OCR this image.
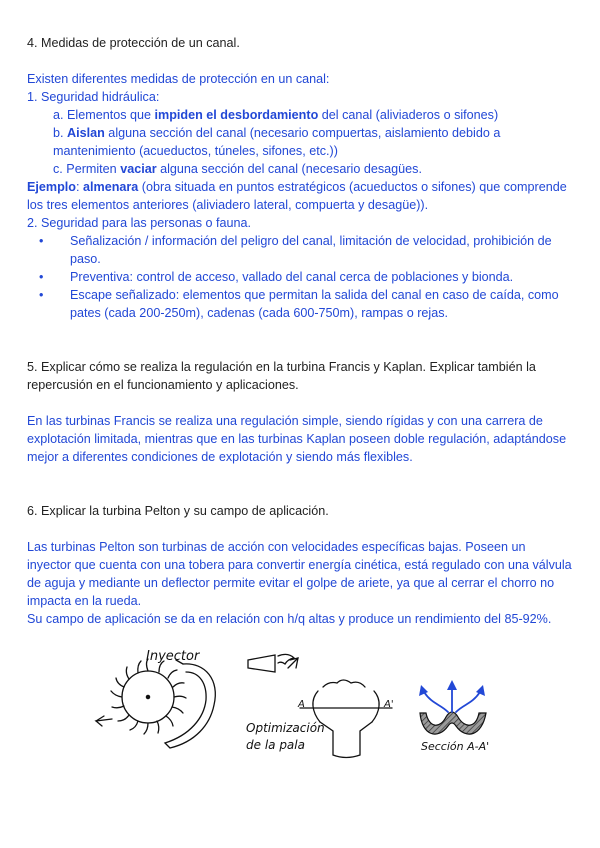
4. Medidas de protección de un canal.

Existen diferentes medidas de protección en un canal:

1. Seguridad hidráulica:

a. Elementos que impiden el desbordamiento del canal (aliviaderos o sifones)

b. Aislan alguna sección del canal (necesario compuertas, aislamiento debido a mantenimiento (acueductos, túneles, sifones, etc.))

c. Permiten vaciar alguna sección del canal (necesario desagües.

Ejemplo: almenara (obra situada en puntos estratégicos (acueductos o sifones) que comprende los tres elementos anteriores (aliviadero lateral, compuerta y desagüe)).

2. Seguridad para las personas o fauna.

• Señalización / información del peligro del canal, limitación de velocidad, prohibición de paso.
• Preventiva: control de acceso, vallado del canal cerca de poblaciones y bionda.
• Escape señalizado: elementos que permitan la salida del canal en caso de caída, como pates (cada 200-250m), cadenas (cada 600-750m), rampas o rejas.

5. Explicar cómo se realiza la regulación en la turbina Francis y Kaplan. Explicar también la repercusión en el funcionamiento y aplicaciones.

En las turbinas Francis se realiza una regulación simple, siendo rígidas y con una carrera de explotación limitada, mientras que en las turbinas Kaplan poseen doble regulación, adaptándose mejor a diferentes condiciones de explotación y siendo más flexibles.

6. Explicar la turbina Pelton y su campo de aplicación.

Las turbinas Pelton son turbinas de acción con velocidades específicas bajas. Poseen un inyector que cuenta con una tobera para convertir energía cinética, está regulado con una válvula de aguja y mediante un deflector permite evitar el golpe de ariete, ya que al cerrar el chorro no impacta en la rueda.

Su campo de aplicación se da en relación con h/q altas y produce un rendimiento del 85-92%.

Inyector
A	A'
Optimización
de la pala	Sección A-A'
